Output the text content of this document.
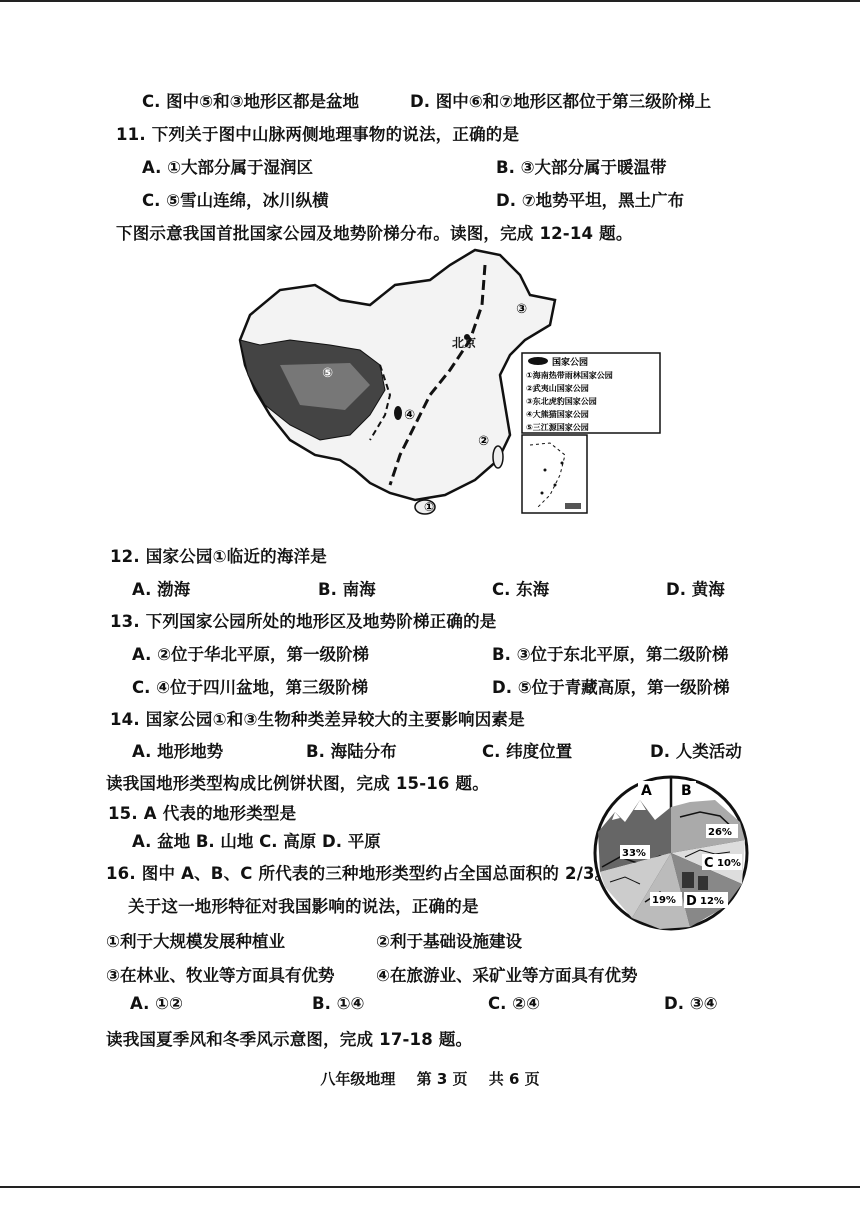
C. 图中⑤和③地形区都是盆地	D. 图中⑥和⑦地形区都位于第三级阶梯上
11. 下列关于图中山脉两侧地理事物的说法，正确的是
A. ①大部分属于湿润区	B. ③大部分属于暖温带
C. ⑤雪山连绵，冰川纵横	D. ⑦地势平坦，黑土广布
下图示意我国首批国家公园及地势阶梯分布。读图，完成 12-14 题。
北京
③
⑤
④
②
①
国家公园
①海南热带雨林国家公园
②武夷山国家公园
③东北虎豹国家公园
④大熊猫国家公园
⑤三江源国家公园
12. 国家公园①临近的海洋是
A. 渤海	B. 南海	C. 东海	D. 黄海
13. 下列国家公园所处的地形区及地势阶梯正确的是
A. ②位于华北平原，第一级阶梯	B. ③位于东北平原，第二级阶梯
C. ④位于四川盆地，第三级阶梯	D. ⑤位于青藏高原，第一级阶梯
14. 国家公园①和③生物种类差异较大的主要影响因素是
A. 地形地势	B. 海陆分布	C. 纬度位置	D. 人类活动
读我国地形类型构成比例饼状图，完成 15-16 题。
15. A 代表的地形类型是
A. 盆地 B. 山地 C. 高原 D. 平原
A B
26%
C 10%
33%
D 12%
19%
16. 图中 A、B、C 所代表的三种地形类型约占全国总面积的 2/3。
关于这一地形特征对我国影响的说法，正确的是
①利于大规模发展种植业	②利于基础设施建设
③在林业、牧业等方面具有优势	④在旅游业、采矿业等方面具有优势
A. ①②	B. ①④	C. ②④	D. ③④
读我国夏季风和冬季风示意图，完成 17-18 题。
八年级地理 第 3 页 共 6 页
